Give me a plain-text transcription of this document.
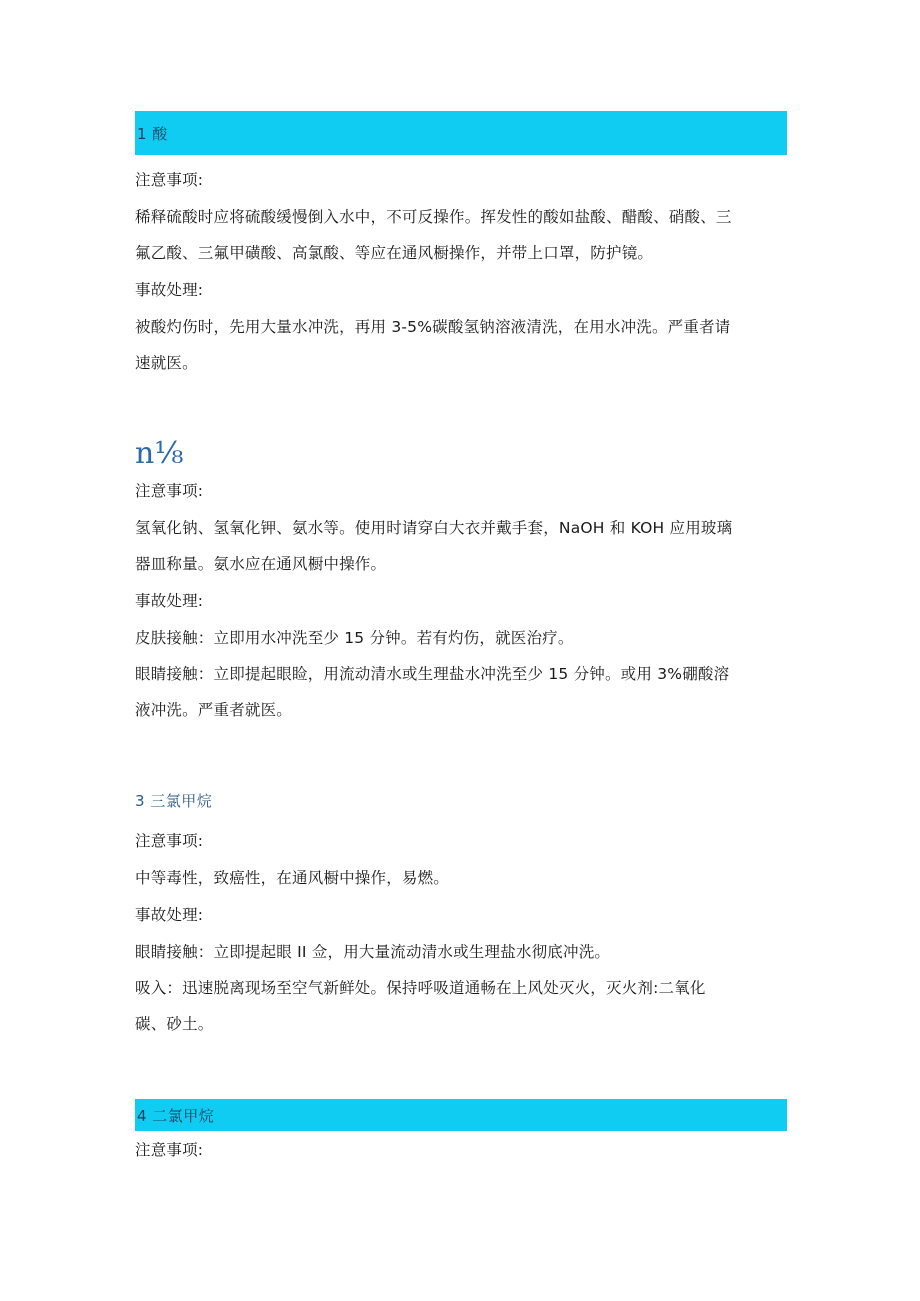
1 酸
注意事项:
稀释硫酸时应将硫酸缓慢倒入水中，不可反操作。挥发性的酸如盐酸、醋酸、硝酸、三
氟乙酸、三氟甲磺酸、高氯酸、等应在通风橱操作，并带上口罩，防护镜。
事故处理:
被酸灼伤时，先用大量水冲洗，再用 3-5%碳酸氢钠溶液清洗，在用水冲洗。严重者请
速就医。
n⅛
注意事项:
氢氧化钠、氢氧化钾、氨水等。使用时请穿白大衣并戴手套，NaOH 和 KOH 应用玻璃
器皿称量。氨水应在通风橱中操作。
事故处理:
皮肤接触：立即用水冲洗至少 15 分钟。若有灼伤，就医治疗。
眼睛接触：立即提起眼睑，用流动清水或生理盐水冲洗至少 15 分钟。或用 3%硼酸溶
液冲洗。严重者就医。
3 三氯甲烷
注意事项:
中等毒性，致癌性，在通风橱中操作，易燃。
事故处理:
眼睛接触：立即提起眼 II 佥，用大量流动清水或生理盐水彻底冲洗。
吸入：迅速脱离现场至空气新鲜处。保持呼吸道通畅在上风处灭火，灭火剂:二氧化
碳、砂土。
4 二氯甲烷
注意事项:
